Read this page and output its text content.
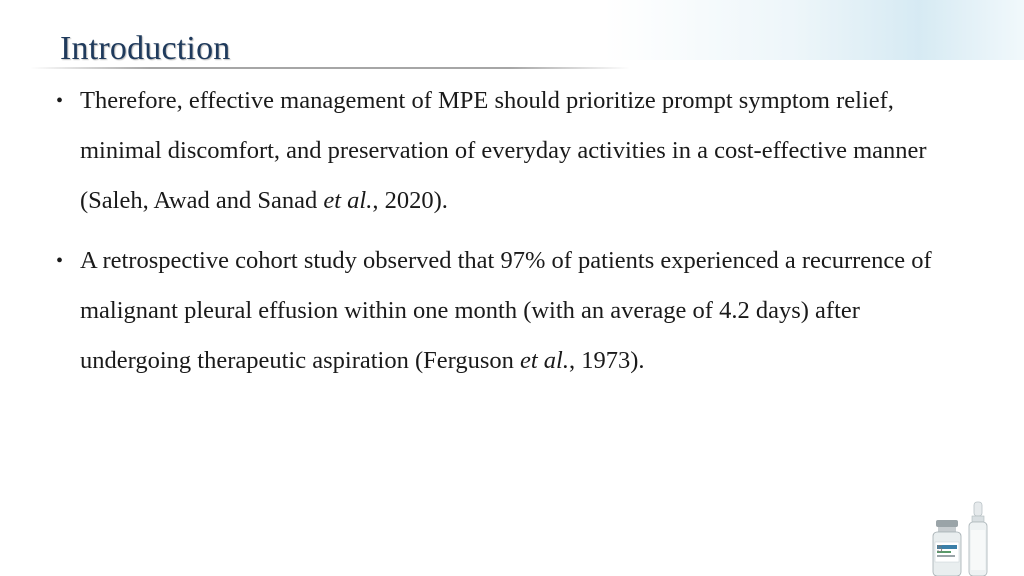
Introduction
• Therefore, effective management of MPE should prioritize prompt symptom relief, minimal discomfort, and preservation of everyday activities in a cost-effective manner (Saleh, Awad and Sanad et al., 2020).
• A retrospective cohort study observed that 97% of patients experienced a recurrence of malignant pleural effusion within one month (with an average of 4.2 days) after undergoing therapeutic aspiration (Ferguson et al., 1973).
5
